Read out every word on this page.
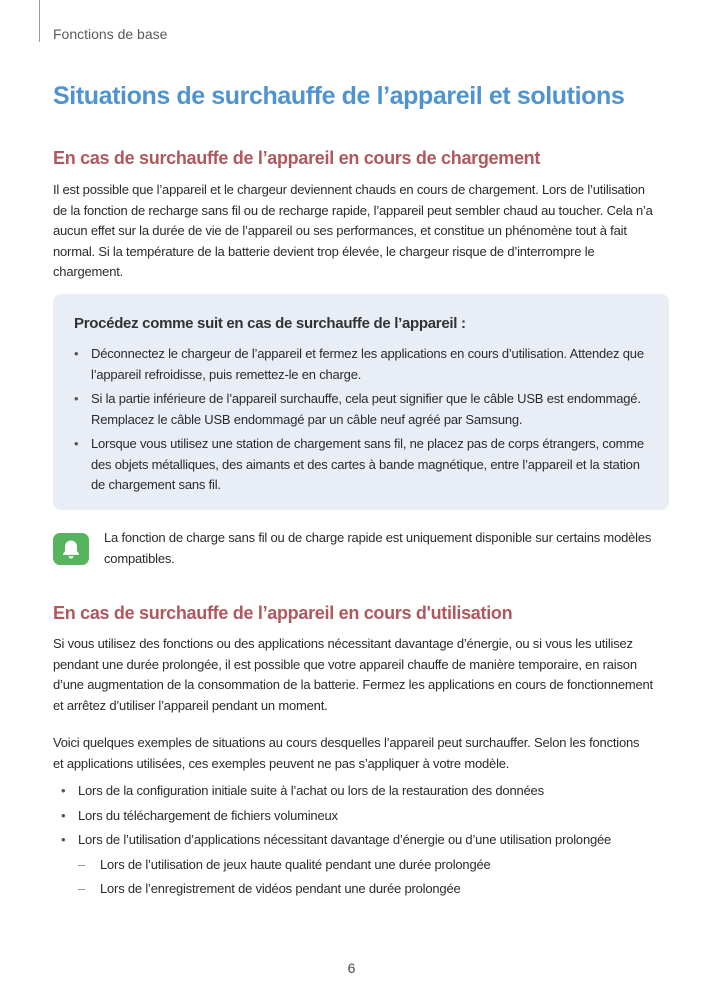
Fonctions de base
Situations de surchauffe de l’appareil et solutions
En cas de surchauffe de l’appareil en cours de chargement

Il est possible que l’appareil et le chargeur deviennent chauds en cours de chargement. Lors de l’utilisation de la fonction de recharge sans fil ou de recharge rapide, l’appareil peut sembler chaud au toucher. Cela n’a aucun effet sur la durée de vie de l’appareil ou ses performances, et constitue un phénomène tout à fait normal. Si la température de la batterie devient trop élevée, le chargeur risque de d’interrompre le chargement.

Procédez comme suit en cas de surchauffe de l’appareil :
• Déconnectez le chargeur de l’appareil et fermez les applications en cours d’utilisation. Attendez que l’appareil refroidisse, puis remettez-le en charge.
• Si la partie inférieure de l’appareil surchauffe, cela peut signifier que le câble USB est endommagé. Remplacez le câble USB endommagé par un câble neuf agréé par Samsung.
• Lorsque vous utilisez une station de chargement sans fil, ne placez pas de corps étrangers, comme des objets métalliques, des aimants et des cartes à bande magnétique, entre l’appareil et la station de chargement sans fil.

La fonction de charge sans fil ou de charge rapide est uniquement disponible sur certains modèles compatibles.

En cas de surchauffe de l’appareil en cours d'utilisation

Si vous utilisez des fonctions ou des applications nécessitant davantage d’énergie, ou si vous les utilisez pendant une durée prolongée, il est possible que votre appareil chauffe de manière temporaire, en raison d’une augmentation de la consommation de la batterie. Fermez les applications en cours de fonctionnement et arrêtez d’utiliser l’appareil pendant un moment.

Voici quelques exemples de situations au cours desquelles l’appareil peut surchauffer. Selon les fonctions et applications utilisées, ces exemples peuvent ne pas s’appliquer à votre modèle.

• Lors de la configuration initiale suite à l’achat ou lors de la restauration des données
• Lors du téléchargement de fichiers volumineux
• Lors de l’utilisation d’applications nécessitant davantage d’énergie ou d’une utilisation prolongée
– Lors de l’utilisation de jeux haute qualité pendant une durée prolongée
– Lors de l’enregistrement de vidéos pendant une durée prolongée
6
